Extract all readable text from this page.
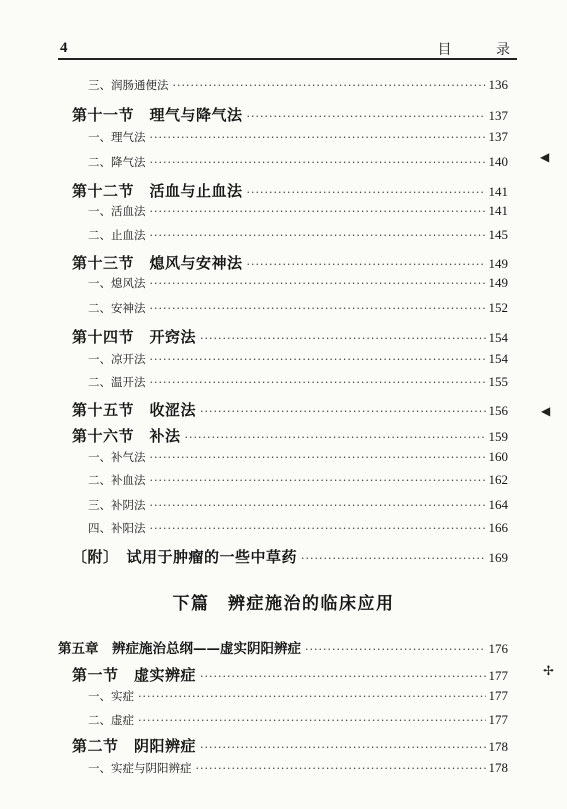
4	目 录
三、润肠通便法 ·····	136
第十一节　理气与降气法 ·····	137
一、理气法 ·····	137
二、降气法 ·····	140
第十二节　活血与止血法 ·····	141
一、活血法 ·····	141
二、止血法 ·····	145
第十三节　熄风与安神法 ·····	149
一、熄风法 ·····	149
二、安神法 ·····	152
第十四节　开窍法 ·····	154
一、凉开法 ·····	154
二、温开法 ·····	155
第十五节　收涩法 ·····	156
第十六节　补法 ·····	159
一、补气法 ·····	160
二、补血法 ·····	162
三、补阴法 ·····	164
四、补阳法 ·····	166
〔附〕　试用于肿瘤的一些中草药 ·····	169
第五章　辨症施治总纲——虚实阴阳辨症 ·····	176
第一节　虚实辨症 ·····	177
一、实症 ·····	177
二、虚症 ·····	177
第二节　阴阳辨症 ·····	178
一、实症与阴阳辨症 ·····	178
下篇　辨症施治的临床应用
◀
◀
✢
